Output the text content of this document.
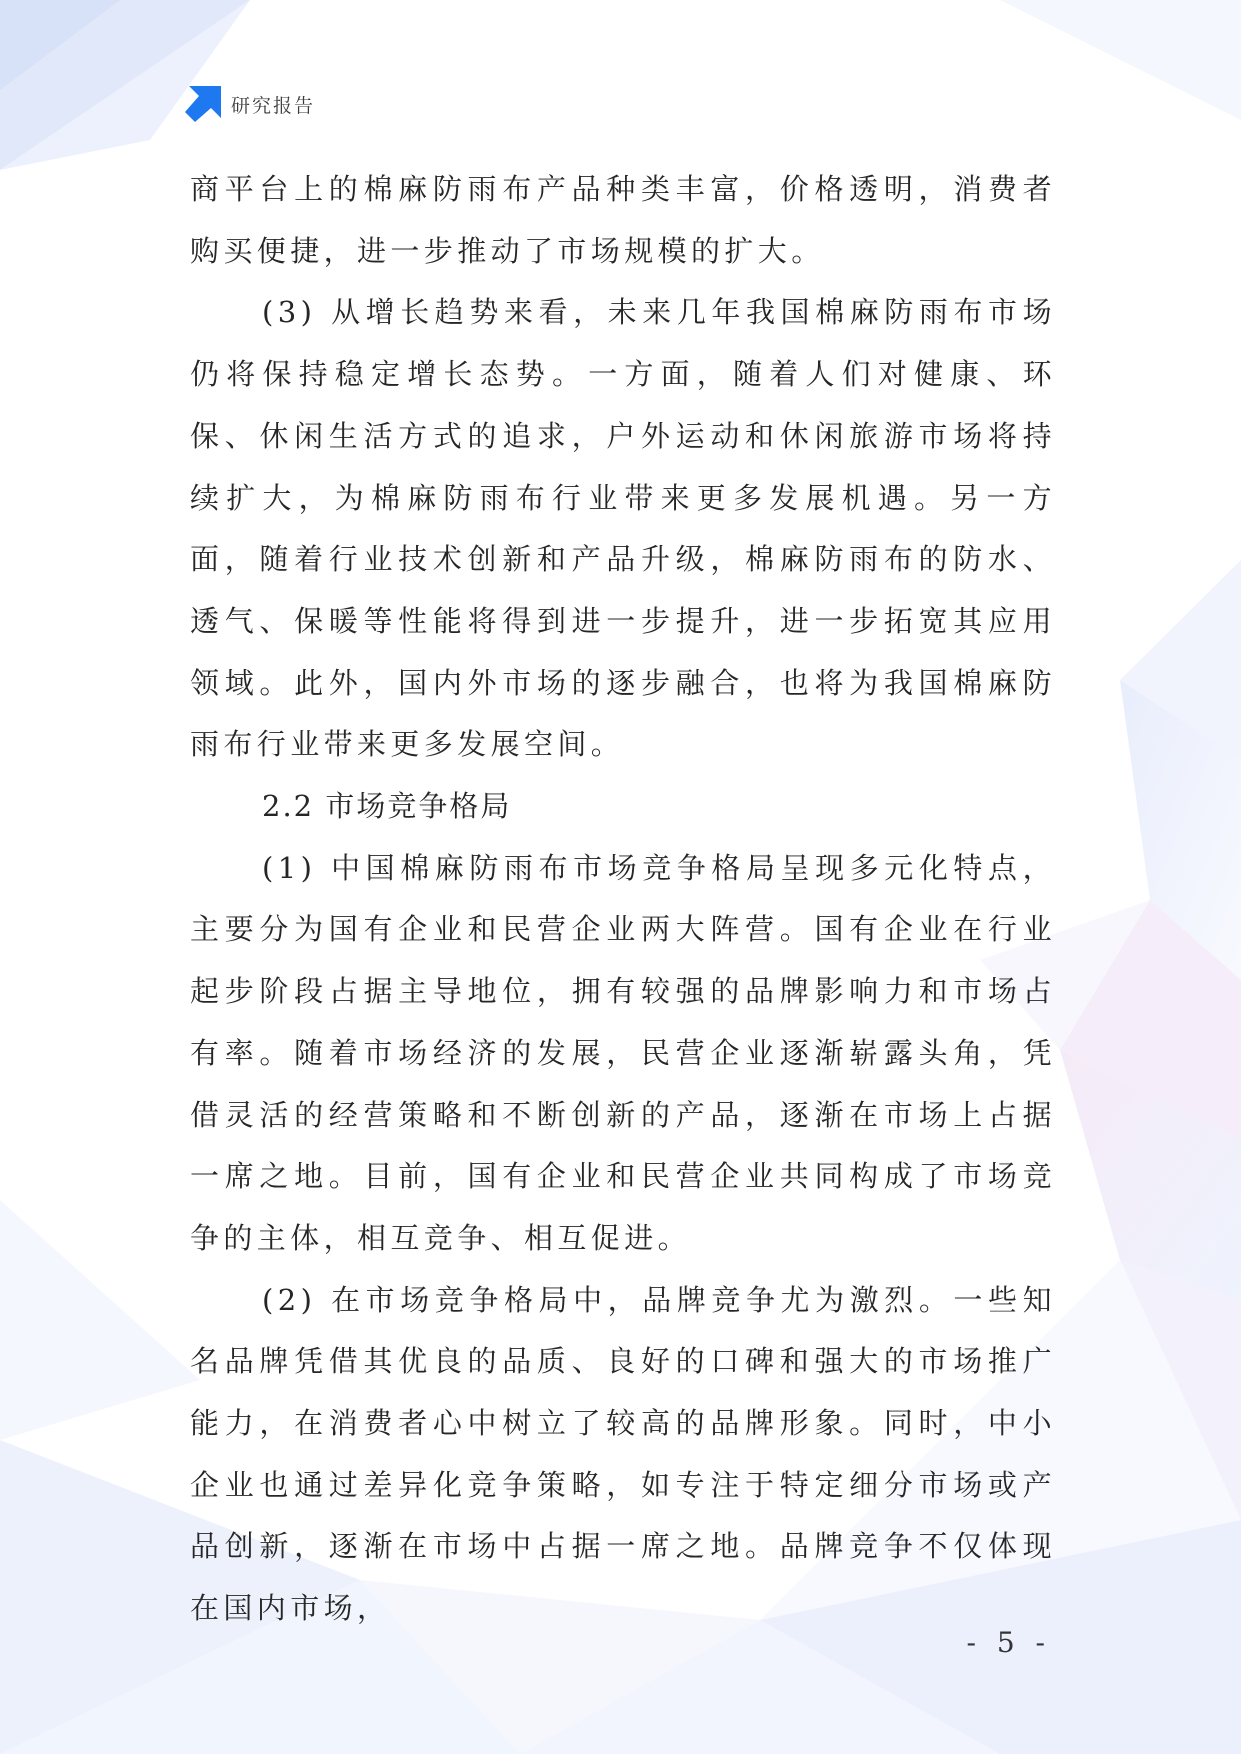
研究报告

商平台上的棉麻防雨布产品种类丰富，价格透明，消费者购买便捷，进一步推动了市场规模的扩大。

(3) 从增长趋势来看，未来几年我国棉麻防雨布市场仍将保持稳定增长态势。一方面，随着人们对健康、环保、休闲生活方式的追求，户外运动和休闲旅游市场将持续扩大，为棉麻防雨布行业带来更多发展机遇。另一方面，随着行业技术创新和产品升级，棉麻防雨布的防水、透气、保暖等性能将得到进一步提升，进一步拓宽其应用领域。此外，国内外市场的逐步融合，也将为我国棉麻防雨布行业带来更多发展空间。

2.2 市场竞争格局

(1) 中国棉麻防雨布市场竞争格局呈现多元化特点，主要分为国有企业和民营企业两大阵营。国有企业在行业起步阶段占据主导地位，拥有较强的品牌影响力和市场占有率。随着市场经济的发展，民营企业逐渐崭露头角，凭借灵活的经营策略和不断创新的产品，逐渐在市场上占据一席之地。目前，国有企业和民营企业共同构成了市场竞争的主体，相互竞争、相互促进。

(2) 在市场竞争格局中，品牌竞争尤为激烈。一些知名品牌凭借其优良的品质、良好的口碑和强大的市场推广能力，在消费者心中树立了较高的品牌形象。同时，中小企业也通过差异化竞争策略，如专注于特定细分市场或产品创新，逐渐在市场中占据一席之地。品牌竞争不仅体现在国内市场，

- 5 -
